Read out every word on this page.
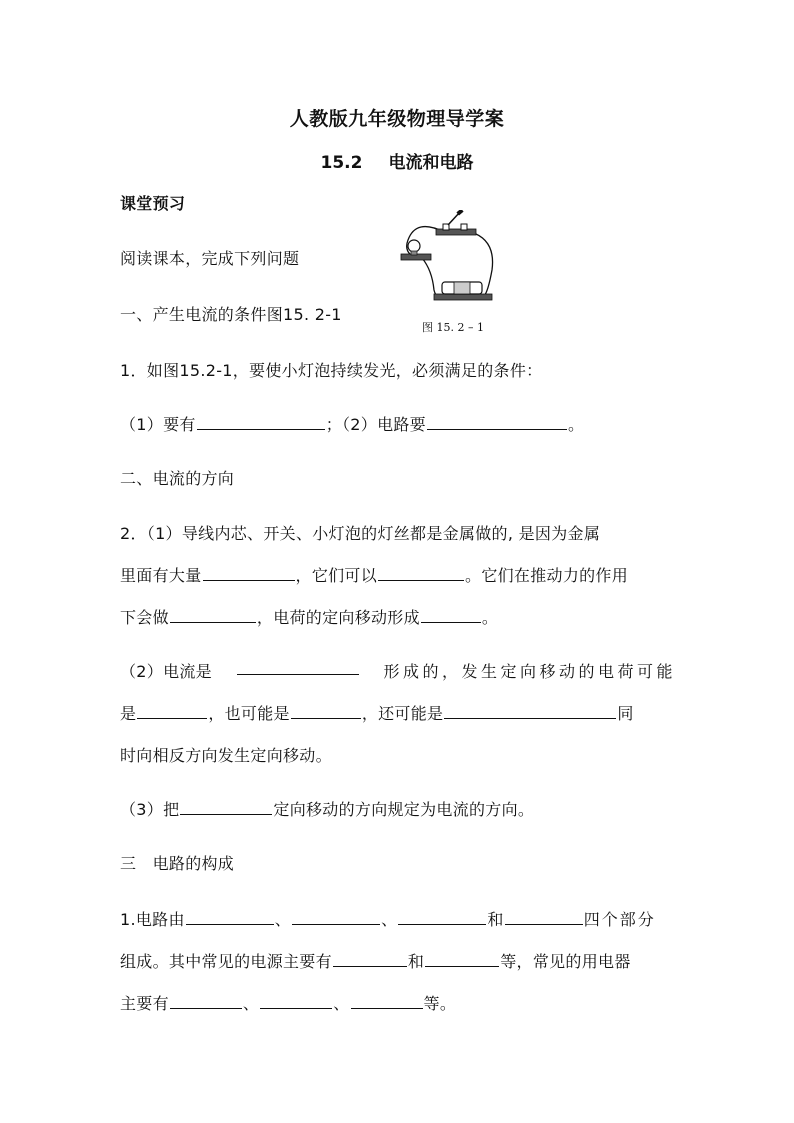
人教版九年级物理导学案
15.2 电流和电路
课堂预习
阅读课本，完成下列问题
图 15. 2 – 1
一、产生电流的条件图15. 2-1
1．如图15.2-1，要使小灯泡持续发光，必须满足的条件：
（1）要有	；（2）电路要	。
二、电流的方向
2．（1）导线内芯、开关、小灯泡的灯丝都是金属做的, 是因为金属
里面有大量	，它们可以	。它们在推动力的作用
下会做	，电荷的定向移动形成	。
（2）电流是	形成的，发生定向移动的电荷可能
是	，也可能是	，还可能是	同
时向相反方向发生定向移动。
（3）把	定向移动的方向规定为电流的方向。
三　电路的构成
1.电路由	、	、	和	四个部分
组成。其中常见的电源主要有	和	等，常见的用电器
主要有	、	、	等。
